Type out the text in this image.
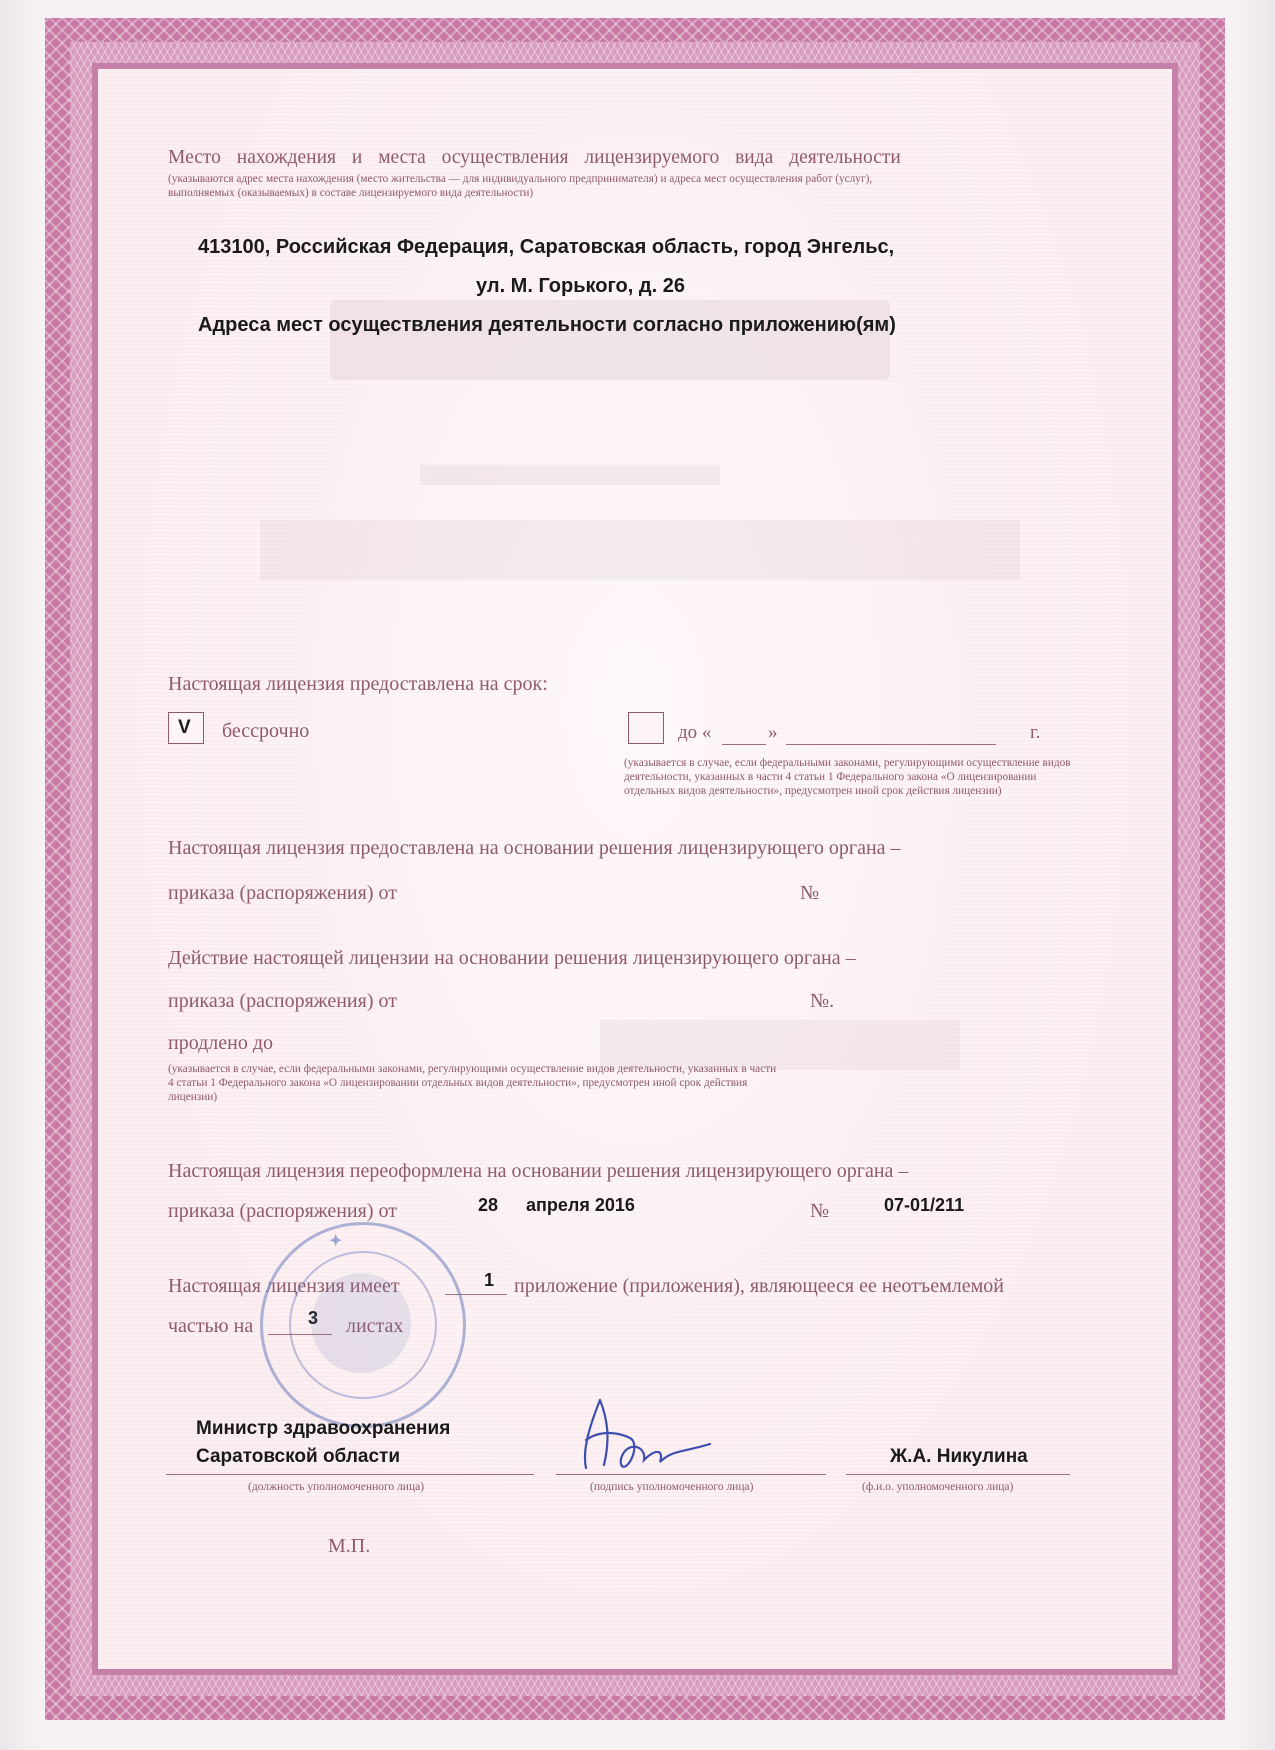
Место нахождения и места осуществления лицензируемого вида деятельности
(указываются адрес места нахождения (место жительства — для индивидуального предпринимателя) и адреса мест осуществления работ (услуг),
выполняемых (оказываемых) в составе лицензируемого вида деятельности)
413100, Российская Федерация, Саратовская область, город Энгельс,
ул. М. Горького, д. 26
Адреса мест осуществления деятельности согласно приложению(ям)
Настоящая лицензия предоставлена на срок:
V бессрочно	до «	»	г.
(указывается в случае, если федеральными законами, регулирующими осуществление видов деятельности, указанных в части 4 статьи 1 Федерального закона «О лицензировании отдельных видов деятельности», предусмотрен иной срок действия лицензии)
Настоящая лицензия предоставлена на основании решения лицензирующего органа –
приказа (распоряжения) от	№
Действие настоящей лицензии на основании решения лицензирующего органа –
приказа (распоряжения) от	№.
продлено до
(указывается в случае, если федеральными законами, регулирующими осуществление видов деятельности, указанных в части 4 статьи 1 Федерального закона «О лицензировании отдельных видов деятельности», предусмотрен иной срок действия лицензии)
Настоящая лицензия переоформлена на основании решения лицензирующего органа –
приказа (распоряжения) от	28 апреля 2016	№	07-01/211
Настоящая лицензия имеет	1 приложение (приложения), являющееся ее неотъемлемой
частью на	3 листах
✦
Министр здравоохранения
Саратовской области	Ж.А. Никулина
(должность уполномоченного лица)	(подпись уполномоченного лица)	(ф.и.о. уполномоченного лица)
М.П.
